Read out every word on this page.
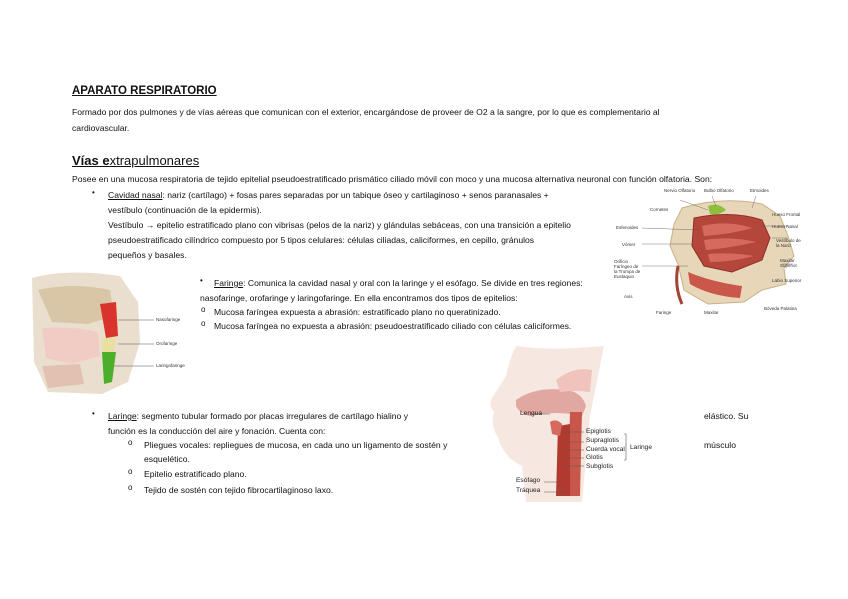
APARATO RESPIRATORIO
Formado por dos pulmones y de vías aéreas que comunican con el exterior, encargándose de proveer de O2 a la sangre, por lo que es complementario al
cardiovascular.
Vías extrapulmonares
Posee en una mucosa respiratoria de tejido epitelial pseudoestratificado prismático ciliado móvil con moco y una mucosa alternativa neuronal con función olfatoria. Son:
• Cavidad nasal: nariz (cartílago) + fosas pares separadas por un tabique óseo y cartilaginoso + senos paranasales +
vestíbulo (continuación de la epidermis).
Vestíbulo → epitelio estratificado plano con vibrisas (pelos de la nariz) y glándulas sebáceas, con una transición a epitelio
pseudoestratificado cilíndrico compuesto por 5 tipos celulares: células ciliadas, caliciformes, en cepillo, gránulos
pequeños y basales.
• Faringe: Comunica la cavidad nasal y oral con la laringe y el esófago. Se divide en tres regiones:
nasofaringe, orofaringe y laringofaringe. En ella encontramos dos tipos de epitelios:
o Mucosa faríngea expuesta a abrasión: estratificado plano no queratinizado.
o Mucosa faríngea no expuesta a abrasión: pseudoestratificado ciliado con células caliciformes.
• Laringe: segmento tubular formado por placas irregulares de cartílago hialino y	elástico. Su
función es la conducción del aire y fonación. Cuenta con:
o Pliegues vocales: repliegues de mucosa, en cada uno un ligamento de sostén y	músculo
esquelético.
o Epitelio estratificado plano.
o Tejido de sostén con tejido fibrocartilaginoso laxo.
Nervio Olfatorio Bulbo Olfatorio	Etmoides
Cornetes
Esfenoides
Vómer
Orificio Faríngeo de la Trompa de Eustaquio
Axis
Hueso Frontal
Hueso Nasal
Vestíbulo de la Nariz
Maxilar Superior
Labio Superior
Bóveda Palatina
Faringe	Maxilar
Nasofaringe
Orofaringe
Laringofaringe
Lengua
Epiglotis
Supraglotis
Cuerda vocal
Glotis
Subglotis
Laringe
Esófago
Tráquea
